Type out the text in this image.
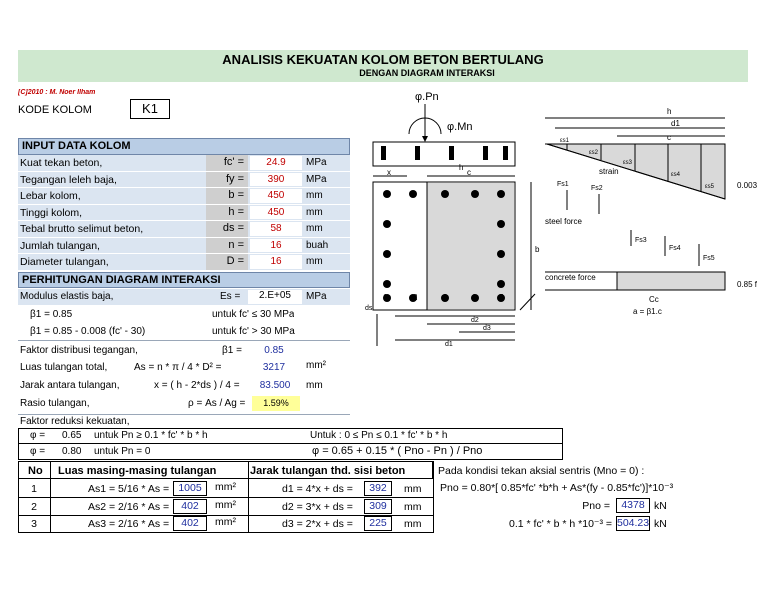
ANALISIS KEKUATAN KOLOM BETON BERTULANG
DENGAN DIAGRAM INTERAKSI
[C]2010 : M. Noer Ilham
KODE KOLOM	K1
INPUT DATA KOLOM
Kuat tekan beton,	fc' =	24.9	MPa
Tegangan leleh baja,	fy =	390	MPa
Lebar kolom,	b =	450	mm
Tinggi kolom,	h =	450	mm
Tebal brutto selimut beton,	ds =	58	mm
Jumlah tulangan,	n =	16	buah
Diameter tulangan,	D =	16	mm
PERHITUNGAN DIAGRAM INTERAKSI
Modulus elastis baja,	Es =	2.E+05	MPa
β1 = 0.85	untuk fc' ≤ 30 MPa
β1 = 0.85 - 0.008 (fc' - 30)	untuk fc' > 30 MPa
Faktor distribusi tegangan,	β1 =	0.85
Luas tulangan total,	As = n * π / 4 * D² =	3217	mm²
Jarak antara tulangan,	x = ( h - 2*ds ) / 4 =	83.500	mm
Rasio tulangan,	ρ = As / Ag =	1.59%
Faktor reduksi kekuatan,
φ = 0.65 untuk Pn ≥ 0.1 * fc' * b * h	Untuk : 0 ≤ Pn ≤ 0.1 * fc' * b * h
φ = 0.80 untuk Pn = 0	φ = 0.65 + 0.15 * ( Pno - Pn ) / Pno
No Luas masing-masing tulangan	Jarak tulangan thd. sisi beton
1	As1 = 5/16 * As = 1005	mm²	d1 = 4*x + ds =	392	mm
2	As2 = 2/16 * As =	402	mm²	d2 = 3*x + ds =	309	mm
3	As3 = 2/16 * As =	402	mm²	d3 = 2*x + ds =	225	mm
Pada kondisi tekan aksial sentris (Mno = 0) :
Pno = 0.80*[ 0.85*fc' *b*h + As*(fy - 0.85*fc')]*10⁻³
Pno =	4378 kN
0.1 * fc' * b * h *10⁻³ = 504.23 kN
φ.Pn
φ.Mn
strain
steel force
concrete force
0.003
0.85 f
a = β1.c
h
d1
c
h
x	c
b
Cc
Fs1
Fs2
Fs3
Fs4
Fs5
εs1
εs2
εs3
εs4
εs5
1	2	3	4	5
ds
d3
d2
d1
